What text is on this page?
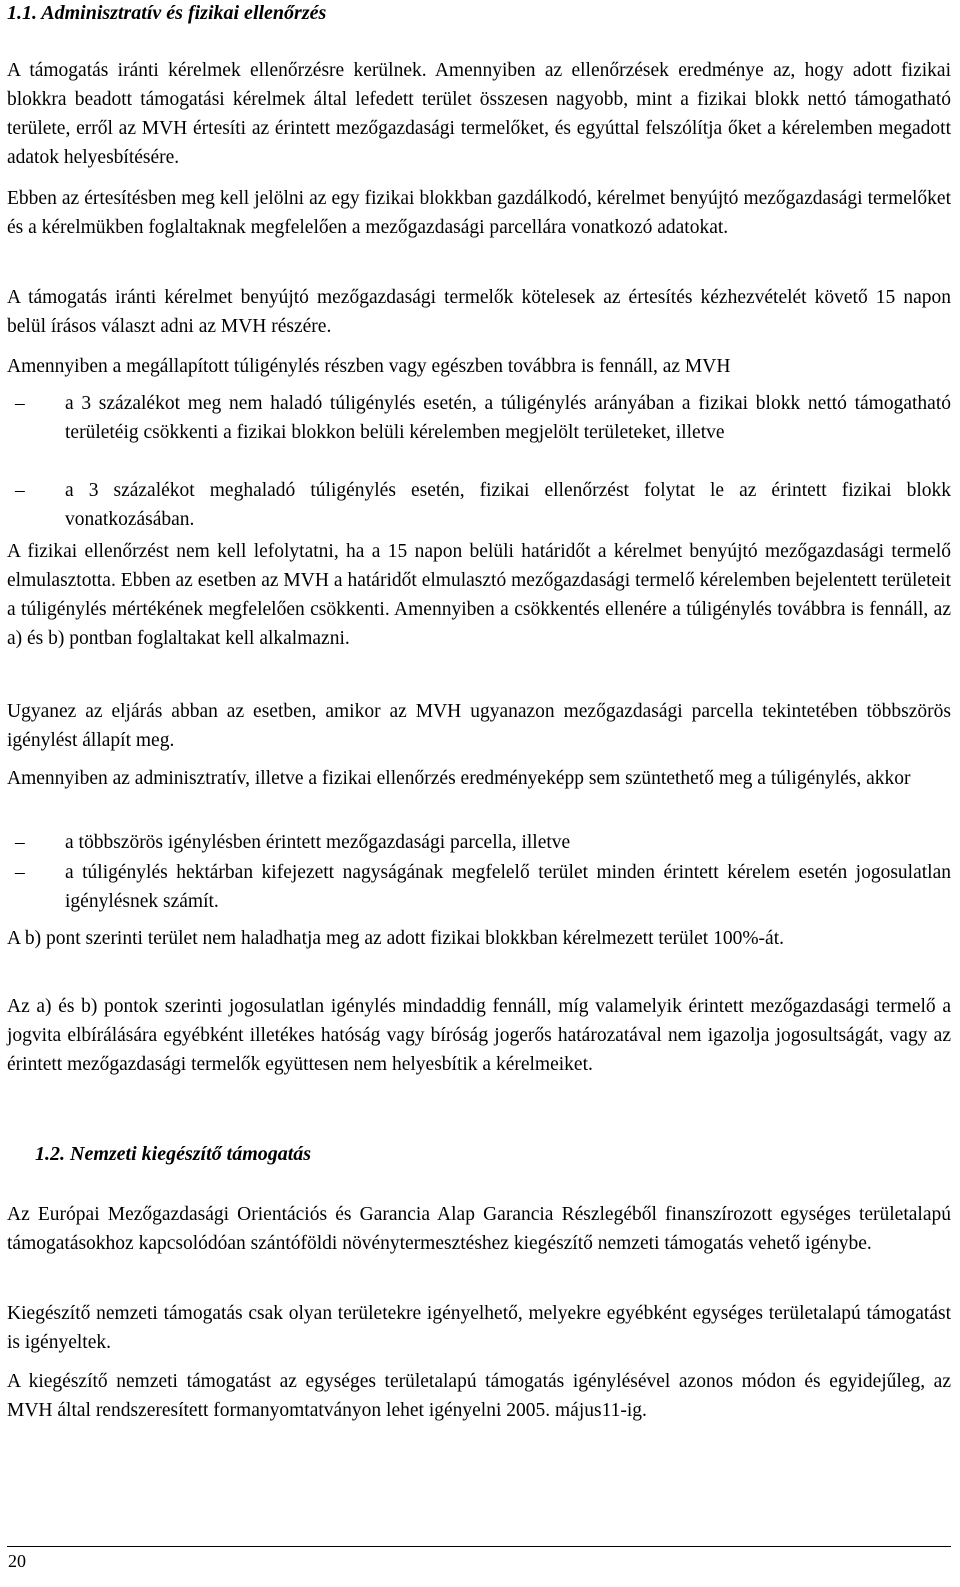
1.1. Adminisztratív és fizikai ellenőrzés

A támogatás iránti kérelmek ellenőrzésre kerülnek. Amennyiben az ellenőrzések eredménye az, hogy adott fizikai blokkra beadott támogatási kérelmek által lefedett terület összesen nagyobb, mint a fizikai blokk nettó támogatható területe, erről az MVH értesíti az érintett mezőgazdasági termelőket, és egyúttal felszólítja őket a kérelemben megadott adatok helyesbítésére.

Ebben az értesítésben meg kell jelölni az egy fizikai blokkban gazdálkodó, kérelmet benyújtó mezőgazdasági termelőket és a kérelmükben foglaltaknak megfelelően a mezőgazdasági parcellára vonatkozó adatokat.

A támogatás iránti kérelmet benyújtó mezőgazdasági termelők kötelesek az értesítés kézhezvételét követő 15 napon belül írásos választ adni az MVH részére.

Amennyiben a megállapított túligénylés részben vagy egészben továbbra is fennáll, az MVH

– a 3 százalékot meg nem haladó túligénylés esetén, a túligénylés arányában a fizikai blokk nettó támogatható területéig csökkenti a fizikai blokkon belüli kérelemben megjelölt területeket, illetve
– a 3 százalékot meghaladó túligénylés esetén, fizikai ellenőrzést folytat le az érintett fizikai blokk vonatkozásában.

A fizikai ellenőrzést nem kell lefolytatni, ha a 15 napon belüli határidőt a kérelmet benyújtó mezőgazdasági termelő elmulasztotta. Ebben az esetben az MVH a határidőt elmulasztó mezőgazdasági termelő kérelemben bejelentett területeit a túligénylés mértékének megfelelően csökkenti. Amennyiben a csökkentés ellenére a túligénylés továbbra is fennáll, az a) és b) pontban foglaltakat kell alkalmazni.

Ugyanez az eljárás abban az esetben, amikor az MVH ugyanazon mezőgazdasági parcella tekintetében többszörös igénylést állapít meg.

Amennyiben az adminisztratív, illetve a fizikai ellenőrzés eredményeképp sem szüntethető meg a túligénylés, akkor

– a többszörös igénylésben érintett mezőgazdasági parcella, illetve
– a túligénylés hektárban kifejezett nagyságának megfelelő terület minden érintett kérelem esetén jogosulatlan igénylésnek számít.

A b) pont szerinti terület nem haladhatja meg az adott fizikai blokkban kérelmezett terület 100%-át.

Az a) és b) pontok szerinti jogosulatlan igénylés mindaddig fennáll, míg valamelyik érintett mezőgazdasági termelő a jogvita elbírálására egyébként illetékes hatóság vagy bíróság jogerős határozatával nem igazolja jogosultságát, vagy az érintett mezőgazdasági termelők együttesen nem helyesbítik a kérelmeiket.

1.2. Nemzeti kiegészítő támogatás

Az Európai Mezőgazdasági Orientációs és Garancia Alap Garancia Részlegéből finanszírozott egységes területalapú támogatásokhoz kapcsolódóan szántóföldi növénytermesztéshez kiegészítő nemzeti támogatás vehető igénybe.

Kiegészítő nemzeti támogatás csak olyan területekre igényelhető, melyekre egyébként egységes területalapú támogatást is igényeltek.

A kiegészítő nemzeti támogatást az egységes területalapú támogatás igénylésével azonos módon és egyidejűleg, az MVH által rendszeresített formanyomtatványon lehet igényelni 2005. május11-ig.

20
